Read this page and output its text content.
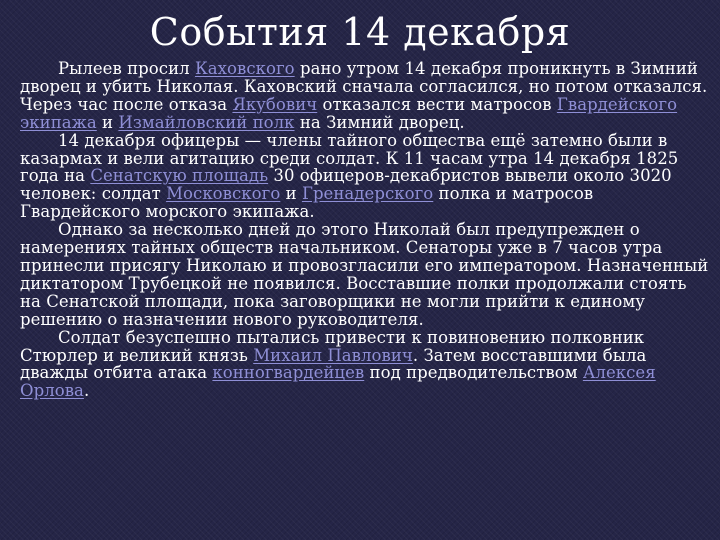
События 14 декабря

Рылеев просил Каховского рано утром 14 декабря проникнуть в Зимний дворец и убить Николая. Каховский сначала согласился, но потом отказался. Через час после отказа Якубович отказался вести матросов Гвардейского экипажа и Измайловский полк на Зимний дворец.

14 декабря офицеры — члены тайного общества ещё затемно были в казармах и вели агитацию среди солдат. К 11 часам утра 14 декабря 1825 года на Сенатскую площадь 30 офицеров-декабристов вывели около 3020 человек: солдат Московского и Гренадерского полка и матросов Гвардейского морского экипажа.

Однако за несколько дней до этого Николай был предупрежден о намерениях тайных обществ начальником. Сенаторы уже в 7 часов утра принесли присягу Николаю и провозгласили его императором. Назначенный диктатором Трубецкой не появился. Восставшие полки продолжали стоять на Сенатской площади, пока заговорщики не могли прийти к единому решению о назначении нового руководителя.

Солдат безуспешно пытались привести к повиновению полковник Стюрлер и великий князь Михаил Павлович. Затем восставшими была дважды отбита атака конногвардейцев под предводительством Алексея Орлова.
